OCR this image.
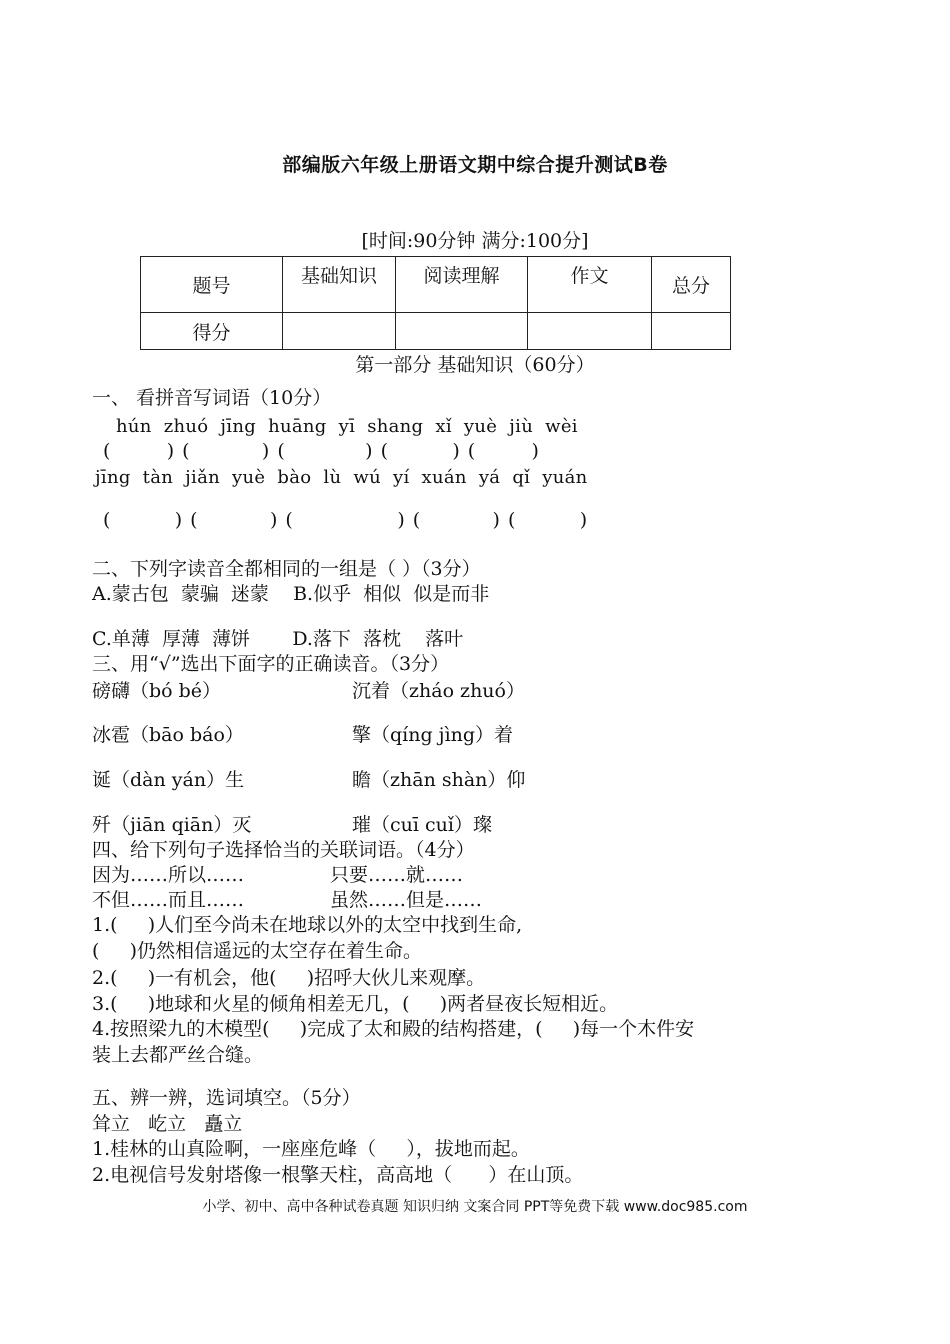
部编版六年级上册语文期中综合提升测试B卷
[时间:90分钟 满分:100分]
题号	基础知识	阅读理解	作文	总分
得分				
第一部分 基础知识（60分）
一、 看拼音写词语（10分）
hún zhuó jīng huāng yī shang xǐ yuè jiù wèi
(       ) (         ) (          ) (        ) (       )
jīng tàn jiǎn yuè bào lù wú yí xuán yá qǐ yuán
(        ) (         ) (             ) (         ) (        )
二、下列字读音全都相同的一组是（ ）（3分）
A.蒙古包  蒙骗  迷蒙    B.似乎  相似  似是而非
C.单薄  厚薄  薄饼       D.落下  落枕    落叶
三、用“√”选出下面字的正确读音。（3分）
磅礴（bó bé）	沉着（zháo zhuó）
冰雹（bāo báo）	擎（qíng jìng）着
诞（dàn yán）生	瞻（zhān shàn）仰
歼（jiān qiān）灭	璀（cuī cuǐ）璨
四、给下列句子选择恰当的关联词语。（4分）
因为……所以……	只要……就……
不但……而且……	虽然……但是……
1.(     )人们至今尚未在地球以外的太空中找到生命,
(     )仍然相信遥远的太空存在着生命。
2.(     )一有机会，他(     )招呼大伙儿来观摩。
3.(     )地球和火星的倾角相差无几，(     )两者昼夜长短相近。
4.按照梁九的木模型(     )完成了太和殿的结构搭建，(     )每一个木件安
装上去都严丝合缝。
五、辨一辨，选词填空。（5分）
耸立   屹立   矗立
1.桂林的山真险啊，一座座危峰（     ），拔地而起。
2.电视信号发射塔像一根擎天柱，高高地（      ）在山顶。
小学、初中、高中各种试卷真题 知识归纳 文案合同 PPT等免费下载 www.doc985.com
